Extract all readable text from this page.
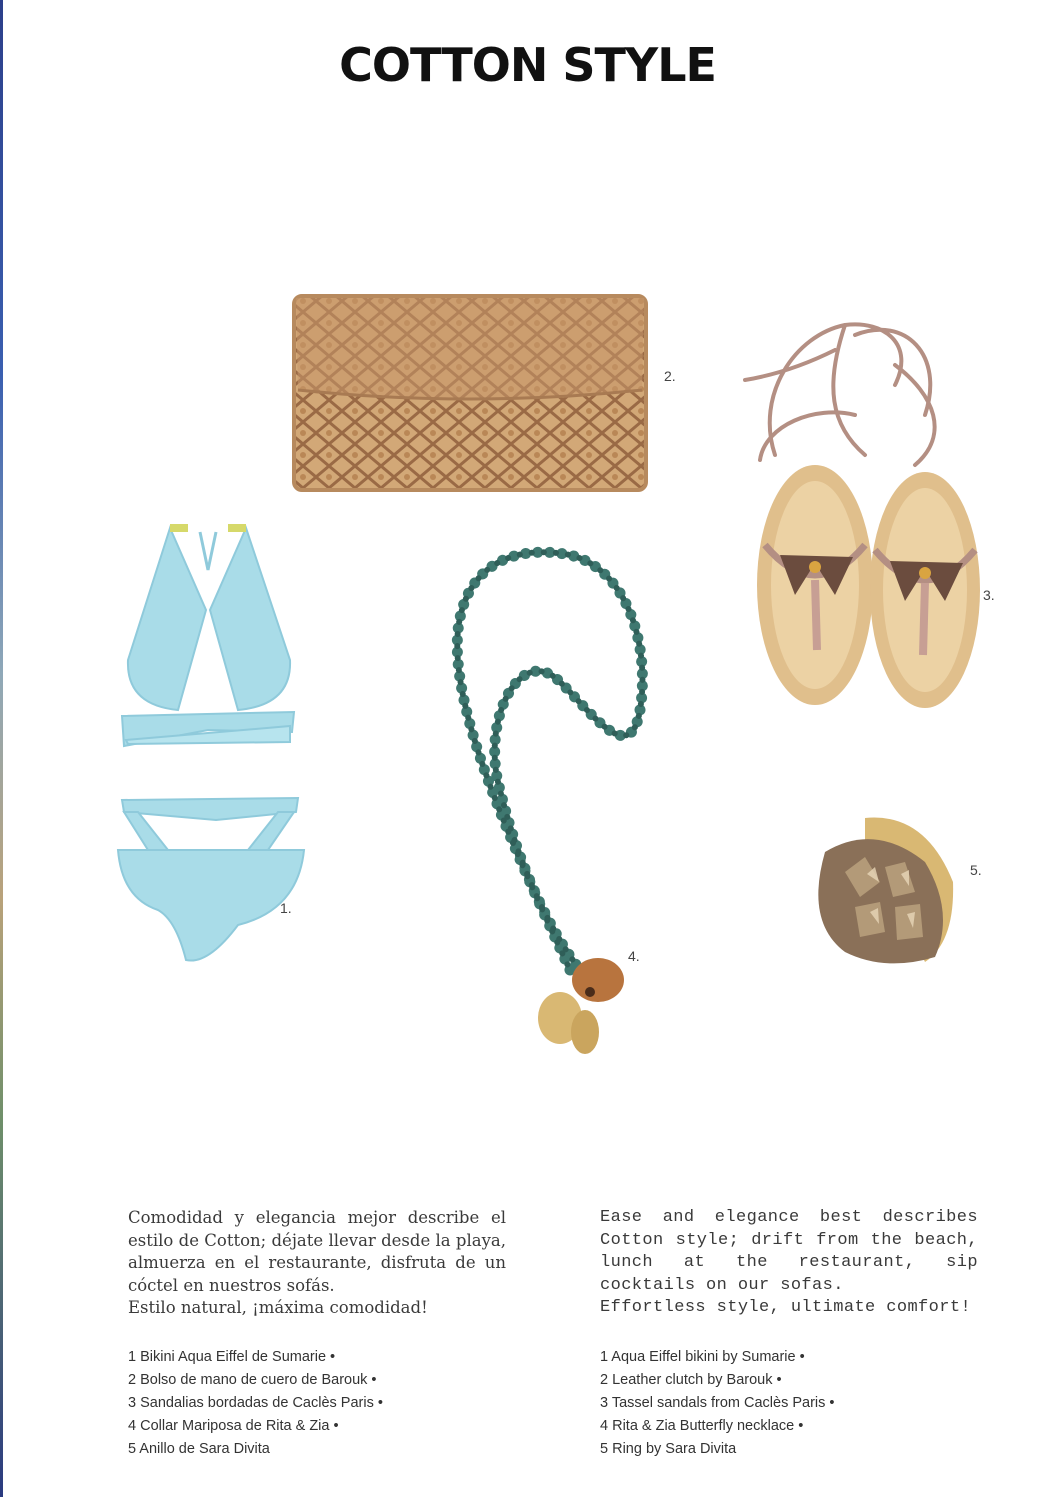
COTTON STYLE
2.
3.
1.
4.
5.

Comodidad y elegancia mejor describe el estilo de Cotton; déjate llevar desde la playa, almuerza en el restaurante, disfruta de un cóctel en nuestros sofás.

Estilo natural, ¡máxima comodidad!

1 Bikini Aqua Eiffel de Sumarie •
2 Bolso de mano de cuero de Barouk •
3 Sandalias bordadas de Caclès Paris •
4 Collar Mariposa de Rita & Zia •
5 Anillo de Sara Divita

Ease and elegance best describes Cotton style; drift from the beach, lunch at the restaurant, sip cocktails on our sofas.

Effortless style, ultimate comfort!

1 Aqua Eiffel bikini by Sumarie •
2 Leather clutch by Barouk •
3 Tassel sandals from Caclès Paris •
4 Rita & Zia Butterfly necklace •
5 Ring by Sara Divita
